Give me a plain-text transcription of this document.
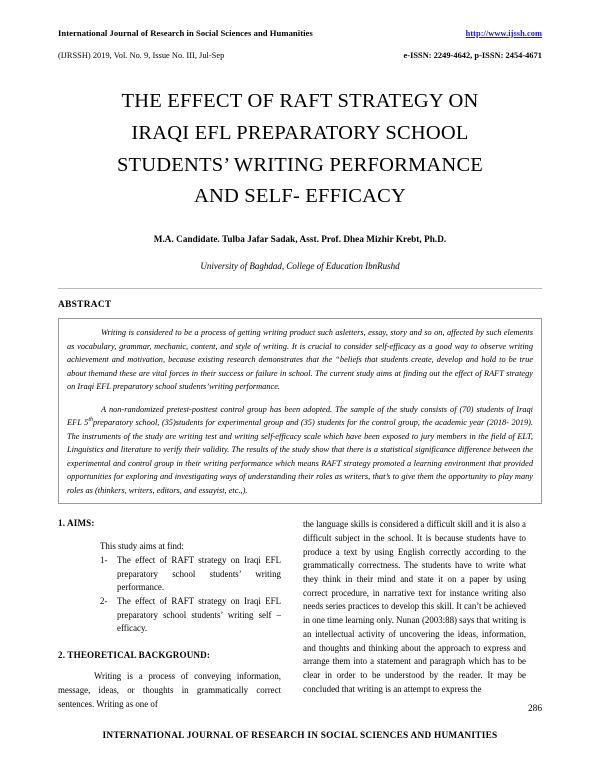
International Journal of Research in Social Sciences and Humanities	http://www.ijssh.com
(IJRSSH) 2019, Vol. No. 9, Issue No. III, Jul-Sep	e-ISSN: 2249-4642, p-ISSN: 2454-4671
THE EFFECT OF RAFT STRATEGY ON
IRAQI EFL PREPARATORY SCHOOL
STUDENTS’ WRITING PERFORMANCE
AND SELF- EFFICACY
M.A. Candidate. Tulba Jafar Sadak, Asst. Prof. Dhea Mizhir Krebt, Ph.D.
University of Baghdad, College of Education IbnRushd
ABSTRACT

Writing is considered to be a process of getting writing product such asletters, essay, story and so on, affected by such elements as vocabulary, grammar, mechanic, content, and style of writing. It is crucial to consider self-efficacy as a good way to observe writing achievement and motivation, because existing research demonstrates that the “beliefs that students create, develop and hold to be true about themand these are vital forces in their success or failure in school. The current study aims at finding out the effect of RAFT strategy on Iraqi EFL preparatory school students’writing performance.

A non-randomized pretest-posttest control group has been adopted. The sample of the study consists of (70) students of Iraqi EFL 5thpreparatory school, (35)students for experimental group and (35) students for the control group, the academic year (2018- 2019). The instruments of the study are writing test and writing self-efficacy scale which have been exposed to jury members in the field of ELT, Linguistics and literature to verify their validity. The results of the study show that there is a statistical significance difference between the experimental and control group in their writing performance which means RAFT strategy promoted a learning environment that provided opportunities for exploring and investigating ways of understanding their roles as writers, that’s to give them the opportunity to play many roles as (thinkers, writers, editors, and essayist, etc.,).

1. AIMS:
This study aims at find:
1-	The effect of RAFT strategy on Iraqi EFL preparatory school students’ writing performance.
2-	The effect of RAFT strategy on Iraqi EFL preparatory school students’ writing self –efficacy.
2. THEORETICAL BACKGROUND:

Writing is a process of conveying information, message, ideas, or thoughts in grammatically correct sentences. Writing as one of

the language skills is considered a difficult skill and it is also a difficult subject in the school. It is because students have to produce a text by using English correctly according to the grammatically correctness. The students have to write what they think in their mind and state it on a paper by using correct procedure, in narrative text for instance writing also needs series practices to develop this skill. It can’t be achieved in one time learning only. Nunan (2003:88) says that writing is an intellectual activity of uncovering the ideas, information, and thoughts and thinking about the approach to express and arrange them into a statement and paragraph which has to be clear in order to be understood by the reader. It may be concluded that writing is an attempt to express the

286
INTERNATIONAL JOURNAL OF RESEARCH IN SOCIAL SCIENCES AND HUMANITIES
